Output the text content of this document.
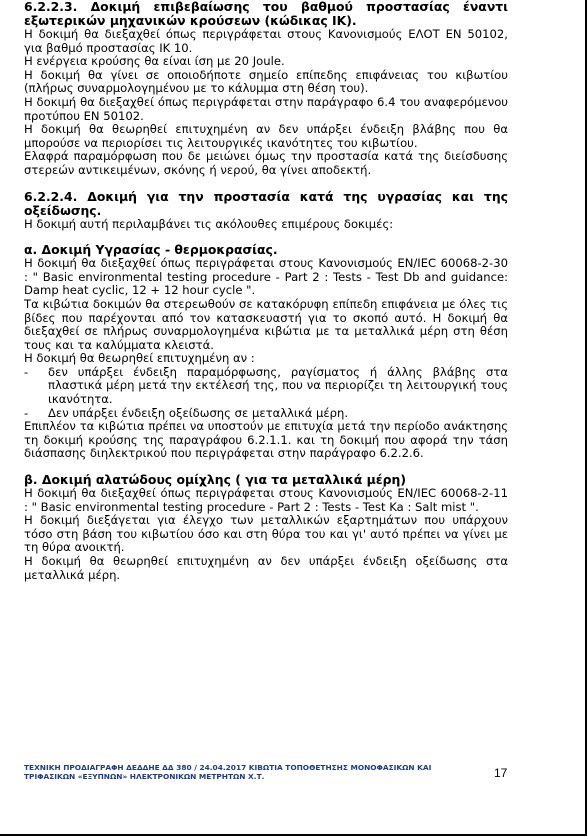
6.2.2.3. Δοκιμή επιβεβαίωσης του βαθμού προστασίας έναντι εξωτερικών μηχανικών κρούσεων (κώδικας IK).

Η δοκιμή θα διεξαχθεί όπως περιγράφεται στους Κανονισμούς ΕΛΟΤ EN 50102, για βαθμό προστασίας IK 10.

Η ενέργεια κρούσης θα είναι ίση με 20 Joule.

Η δοκιμή θα γίνει σε οποιοδήποτε σημείο επίπεδης επιφάνειας του κιβωτίου (πλήρως συναρμολογημένου με το κάλυμμα στη θέση του).

Η δοκιμή θα διεξαχθεί όπως περιγράφεται στην παράγραφο 6.4 του αναφερόμενου προτύπου EN 50102.

Η δοκιμή θα θεωρηθεί επιτυχημένη αν δεν υπάρξει ένδειξη βλάβης που θα μπορούσε να περιορίσει τις λειτουργικές ικανότητες του κιβωτίου.

Ελαφρά παραμόρφωση που δε μειώνει όμως την προστασία κατά της διείσδυσης στερεών αντικειμένων, σκόνης ή νερού, θα γίνει αποδεκτή.

6.2.2.4. Δοκιμή για την προστασία κατά της υγρασίας και της οξείδωσης.

Η δοκιμή αυτή περιλαμβάνει τις ακόλουθες επιμέρους δοκιμές:

α. Δοκιμή Υγρασίας - θερμοκρασίας.

Η δοκιμή θα διεξαχθεί όπως περιγράφεται στους Κανονισμούς EN/IEC 60068-2-30 : " Basic environmental testing procedure - Part 2 : Tests - Test Db and guidance: Damp heat cyclic, 12 + 12 hour cycle ".

Τα κιβώτια δοκιμών θα στερεωθούν σε κατακόρυφη επίπεδη επιφάνεια με όλες τις βίδες που παρέχονται από τον κατασκευαστή για το σκοπό αυτό. Η δοκιμή θα διεξαχθεί σε πλήρως συναρμολογημένα κιβώτια με τα μεταλλικά μέρη στη θέση τους και τα καλύμματα κλειστά.

Η δοκιμή θα θεωρηθεί επιτυχημένη αν :

- δεν υπάρξει ένδειξη παραμόρφωσης, ραγίσματος ή άλλης βλάβης στα πλαστικά μέρη μετά την εκτέλεσή της, που να περιορίζει τη λειτουργική τους ικανότητα.
- Δεν υπάρξει ένδειξη οξείδωσης σε μεταλλικά μέρη.

Επιπλέον τα κιβώτια πρέπει να υποστούν με επιτυχία μετά την περίοδο ανάκτησης τη δοκιμή κρούσης της παραγράφου 6.2.1.1. και τη δοκιμή που αφορά την τάση διάσπασης διηλεκτρικού που περιγράφεται στην παράγραφο 6.2.2.6.

β. Δοκιμή αλατώδους ομίχλης ( για τα μεταλλικά μέρη)

Η δοκιμή θα διεξαχθεί όπως περιγράφεται στους Κανονισμούς EN/IEC 60068-2-11 : " Basic environmental testing procedure - Part 2 : Tests - Test Ka : Salt mist ".

Η δοκιμή διεξάγεται για έλεγχο των μεταλλικών εξαρτημάτων που υπάρχουν τόσο στη βάση του κιβωτίου όσο και στη θύρα του και γι' αυτό πρέπει να γίνει με τη θύρα ανοικτή.

Η δοκιμή θα θεωρηθεί επιτυχημένη αν δεν υπάρξει ένδειξη οξείδωσης στα μεταλλικά μέρη.

ΤΕΧΝΙΚΗ ΠΡΟΔΙΑΓΡΑΦΗ ΔΕΔΔΗΕ ΔΔ 380 / 24.04.2017 ΚΙΒΩΤΙΑ ΤΟΠΟΘΕΤΗΣΗΣ ΜΟΝΟΦΑΣΙΚΩΝ ΚΑΙ
ΤΡΙΦΑΣΙΚΩΝ «ΕΞΥΠΝΩΝ» ΗΛΕΚΤΡΟΝΙΚΩΝ ΜΕΤΡΗΤΩΝ Χ.Τ.	17
